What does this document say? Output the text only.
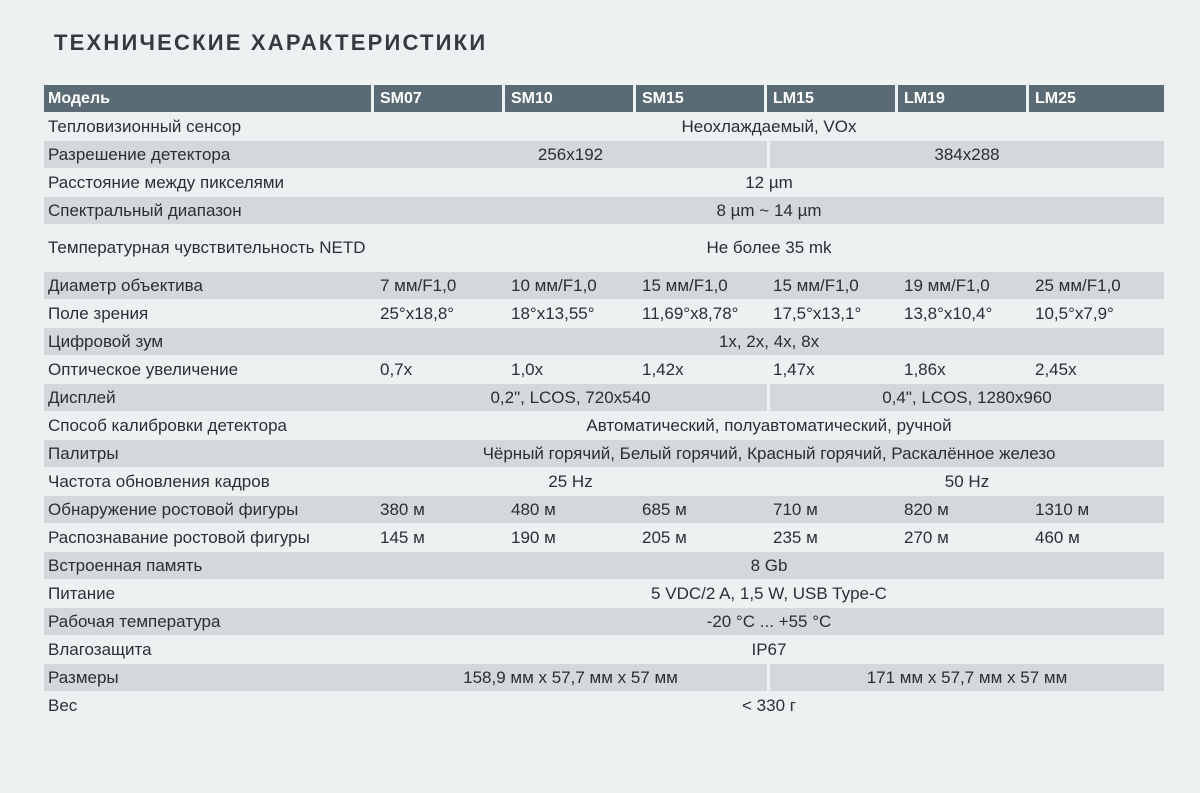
ТЕХНИЧЕСКИЕ ХАРАКТЕРИСТИКИ
Модель	SM07	SM10	SM15	LM15	LM19	LM25
Тепловизионный сенсор	Неохлаждаемый, VOx					
Разрешение детектора	256x192			384x288		
Расстояние между пикселями	12 µm					
Спектральный диапазон	8 µm ~ 14 µm					
Температурная чувствительность NETD	Не более 35 mk					
Диаметр объектива	7 мм/F1,0	10 мм/F1,0	15 мм/F1,0	15 мм/F1,0	19 мм/F1,0	25 мм/F1,0
Поле зрения	25°x18,8°	18°x13,55°	11,69°x8,78°	17,5°x13,1°	13,8°x10,4°	10,5°x7,9°
Цифровой зум	1x, 2x, 4x, 8x					
Оптическое увеличение	0,7x	1,0x	1,42x	1,47x	1,86x	2,45x
Дисплей	0,2", LCOS, 720x540			0,4", LCOS, 1280x960		
Способ калибровки детектора	Автоматический, полуавтоматический, ручной					
Палитры	Чёрный горячий, Белый горячий, Красный горячий, Раскалённое железо					
Частота обновления кадров	25 Hz			50 Hz		
Обнаружение ростовой фигуры	380 м	480 м	685 м	710 м	820 м	1310 м
Распознавание ростовой фигуры	145 м	190 м	205 м	235 м	270 м	460 м
Встроенная память	8 Gb					
Питание	5 VDC/2 A, 1,5 W, USB Type-C					
Рабочая температура	-20 °C ... +55 °C					
Влагозащита	IP67					
Размеры	158,9 мм x 57,7 мм x 57 мм			171 мм x 57,7 мм x 57 мм		
Вес	< 330 г					
